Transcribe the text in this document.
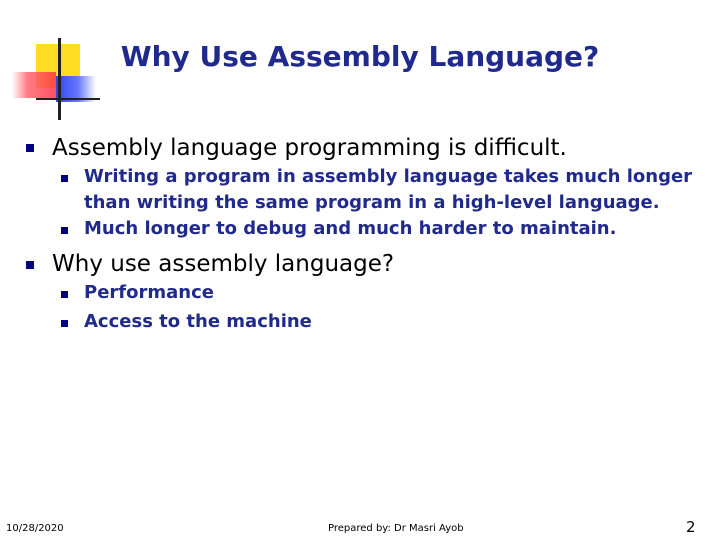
Why Use Assembly Language?
Assembly language programming is difficult.
Writing a program in assembly language takes much longer
than writing the same program in a high-level language.
Much longer to debug and much harder to maintain.
Why use assembly language?
Performance
Access to the machine
10/28/2020	Prepared by: Dr Masri Ayob	2
